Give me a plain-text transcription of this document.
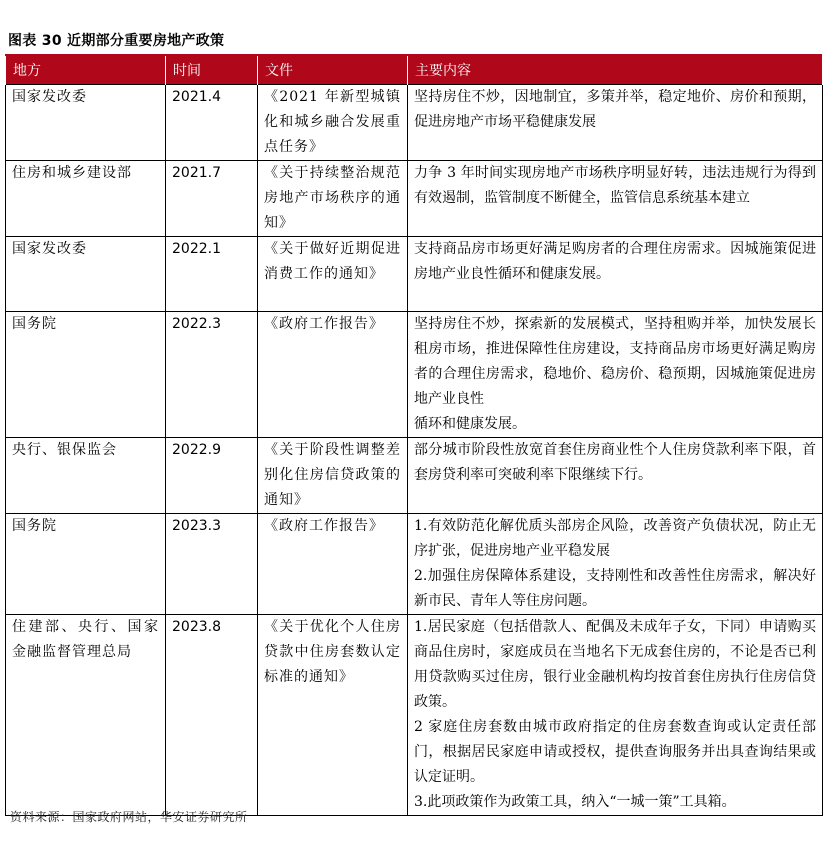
图表 30 近期部分重要房地产政策
地方	时间	文件	主要内容
国家发改委	2021.4	《2021 年新型城镇化和城乡融合发展重点任务》	坚持房住不炒，因地制宜，多策并举，稳定地价、房价和预期，促进房地产市场平稳健康发展

住房和城乡建设部	2021.7	《关于持续整治规范房地产市场秩序的通知》	力争 3 年时间实现房地产市场秩序明显好转，违法违规行为得到有效遏制，监管制度不断健全，监管信息系统基本建立

国家发改委	2022.1	《关于做好近期促进消费工作的通知》	支持商品房市场更好满足购房者的合理住房需求。因城施策促进房地产业良性循环和健康发展。

国务院	2022.3	《政府工作报告》	坚持房住不炒，探索新的发展模式，坚持租购并举，加快发展长租房市场，推进保障性住房建设，支持商品房市场更好满足购房者的合理住房需求，稳地价、稳房价、稳预期，因城施策促进房地产业良性

循环和健康发展。

央行、银保监会	2022.9	《关于阶段性调整差别化住房信贷政策的通知》	部分城市阶段性放宽首套住房商业性个人住房贷款利率下限，首套房贷利率可突破利率下限继续下行。

国务院	2023.3	《政府工作报告》	1.有效防范化解优质头部房企风险，改善资产负债状况，防止无序扩张，促进房地产业平稳发展

2.加强住房保障体系建设，支持刚性和改善性住房需求，解决好新市民、青年人等住房问题。

住建部、央行、国家金融监督管理总局	2023.8	《关于优化个人住房贷款中住房套数认定标准的通知》	1.居民家庭（包括借款人、配偶及未成年子女，下同）申请购买商品住房时，家庭成员在当地名下无成套住房的，不论是否已利用贷款购买过住房，银行业金融机构均按首套住房执行住房信贷政策。

2 家庭住房套数由城市政府指定的住房套数查询或认定责任部门，根据居民家庭申请或授权，提供查询服务并出具查询结果或认定证明。

3.此项政策作为政策工具，纳入“一城一策”工具箱。

资料来源：国家政府网站，华安证券研究所
